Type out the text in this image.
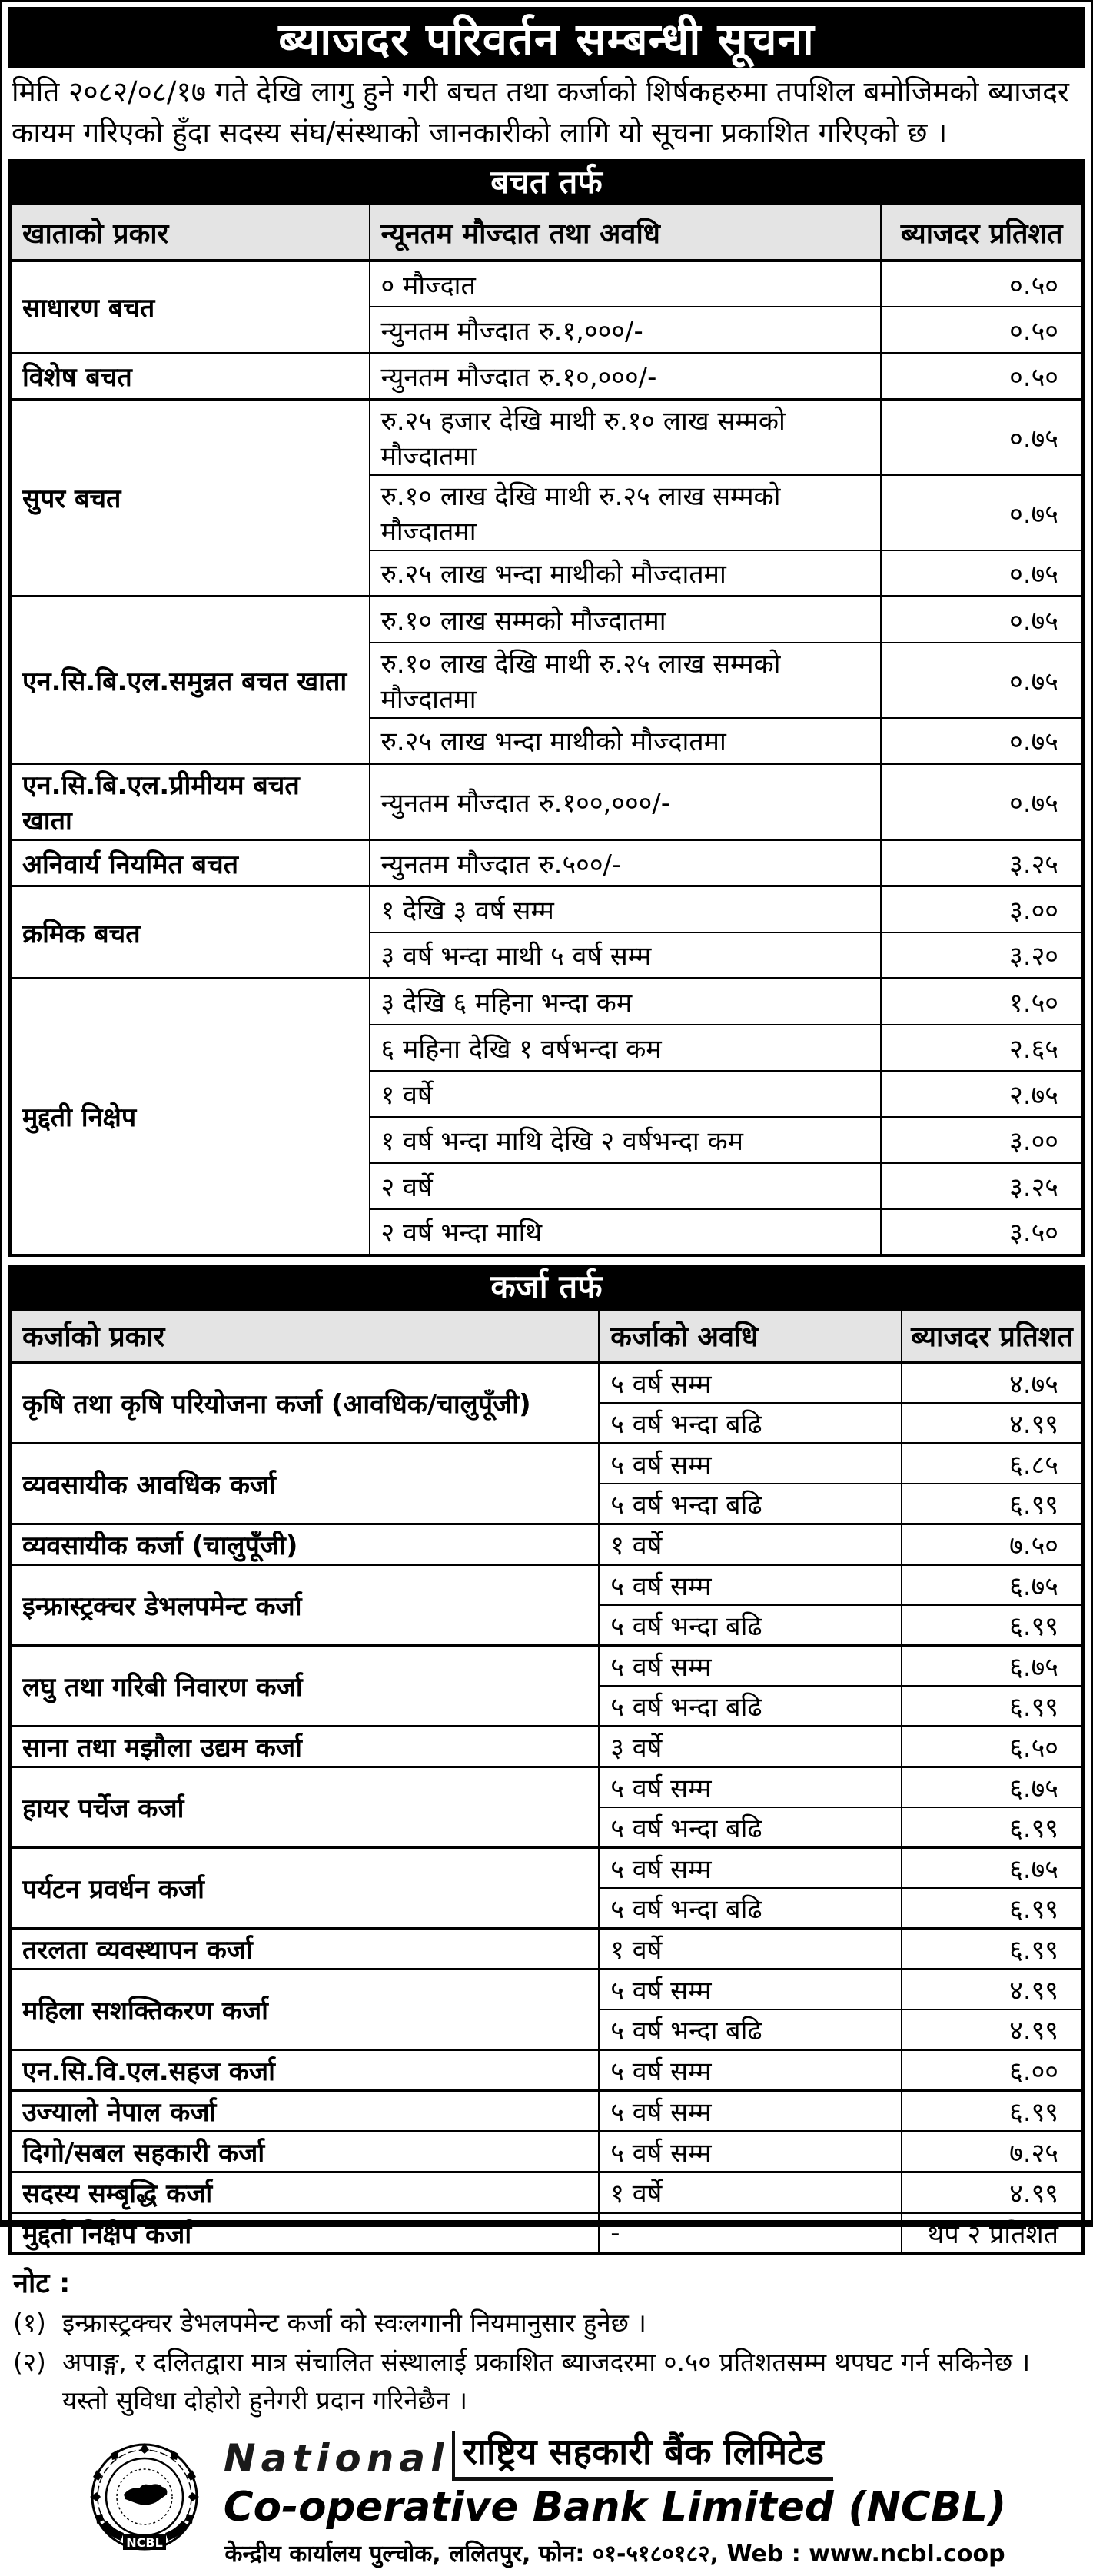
ब्याजदर परिवर्तन सम्बन्धी सूचना

मिति २०८२/०८/१७ गते देखि लागु हुने गरी बचत तथा कर्जाको शिर्षकहरुमा तपशिल बमोजिमको ब्याजदर कायम गरिएको हुँदा सदस्य संघ/संस्थाको जानकारीको लागि यो सूचना प्रकाशित गरिएको छ ।

बचत तर्फ
खाताको प्रकार	न्यूनतम मौज्दात तथा अवधि	ब्याजदर प्रतिशत
साधारण बचत	० मौज्दात	०.५०
	न्युनतम मौज्दात रु.१,०००/-	०.५०
विशेष बचत	न्युनतम मौज्दात रु.१०,०००/-	०.५०
सुपर बचत	रु.२५ हजार देखि माथी रु.१० लाख सम्मको मौज्दातमा	०.७५
	रु.१० लाख देखि माथी रु.२५ लाख सम्मको मौज्दातमा	०.७५
	रु.२५ लाख भन्दा माथीको मौज्दातमा	०.७५
एन.सि.बि.एल.समुन्नत बचत खाता	रु.१० लाख सम्मको मौज्दातमा	०.७५
	रु.१० लाख देखि माथी रु.२५ लाख सम्मको मौज्दातमा	०.७५
	रु.२५ लाख भन्दा माथीको मौज्दातमा	०.७५
एन.सि.बि.एल.प्रीमीयम बचत खाता	न्युनतम मौज्दात रु.१००,०००/-	०.७५
अनिवार्य नियमित बचत	न्युनतम मौज्दात रु.५००/-	३.२५
क्रमिक बचत	१ देखि ३ वर्ष सम्म	३.००
	३ वर्ष भन्दा माथी ५ वर्ष सम्म	३.२०
मुद्दती निक्षेप	३ देखि ६ महिना भन्दा कम	१.५०
	६ महिना देखि १ वर्षभन्दा कम	२.६५
	१ वर्षे	२.७५
	१ वर्ष भन्दा माथि देखि २ वर्षभन्दा कम	३.००
	२ वर्षे	३.२५
	२ वर्ष भन्दा माथि	३.५०
कर्जा तर्फ
कर्जाको प्रकार	कर्जाको अवधि	ब्याजदर प्रतिशत
कृषि तथा कृषि परियोजना कर्जा (आवधिक/चालुपूँजी)	५ वर्ष सम्म	४.७५
	५ वर्ष भन्दा बढि	४.९९
व्यवसायीक आवधिक कर्जा	५ वर्ष सम्म	६.८५
	५ वर्ष भन्दा बढि	६.९९
व्यवसायीक कर्जा (चालुपूँजी)	१ वर्षे	७.५०
इन्फ्रास्ट्रक्चर डेभलपमेन्ट कर्जा	५ वर्ष सम्म	६.७५
	५ वर्ष भन्दा बढि	६.९९
लघु तथा गरिबी निवारण कर्जा	५ वर्ष सम्म	६.७५
	५ वर्ष भन्दा बढि	६.९९
साना तथा मझौला उद्यम कर्जा	३ वर्षे	६.५०
हायर पर्चेज कर्जा	५ वर्ष सम्म	६.७५
	५ वर्ष भन्दा बढि	६.९९
पर्यटन प्रवर्धन कर्जा	५ वर्ष सम्म	६.७५
	५ वर्ष भन्दा बढि	६.९९
तरलता व्यवस्थापन कर्जा	१ वर्षे	६.९९
महिला सशक्तिकरण कर्जा	५ वर्ष सम्म	४.९९
	५ वर्ष भन्दा बढि	४.९९
एन.सि.वि.एल.सहज कर्जा	५ वर्ष सम्म	६.००
उज्यालो नेपाल कर्जा	५ वर्ष सम्म	६.९९
दिगो/सबल सहकारी कर्जा	५ वर्ष सम्म	७.२५
सदस्य सम्बृद्धि कर्जा	१ वर्षे	४.९९
मुद्दती निक्षेप कर्जा	-	थप २ प्रतिशत
नोट :
(१) इन्फ्रास्ट्रक्चर डेभलपमेन्ट कर्जा को स्वःलगानी नियमानुसार हुनेछ ।
(२) अपाङ्ग, र दलितद्वारा मात्र संचालित संस्थालाई प्रकाशित ब्याजदरमा ०.५० प्रतिशतसम्म थपघट गर्न सकिनेछ । यस्तो सुविधा दोहोरो हुनेगरी प्रदान गरिनेछैन ।
NCBL
National राष्ट्रिय सहकारी बैंक लिमिटेड
Co-operative Bank Limited (NCBL)
केन्द्रीय कार्यालय पुल्चोक, ललितपुर, फोन: ०१-५१८०१८२, Web : www.ncbl.coop
